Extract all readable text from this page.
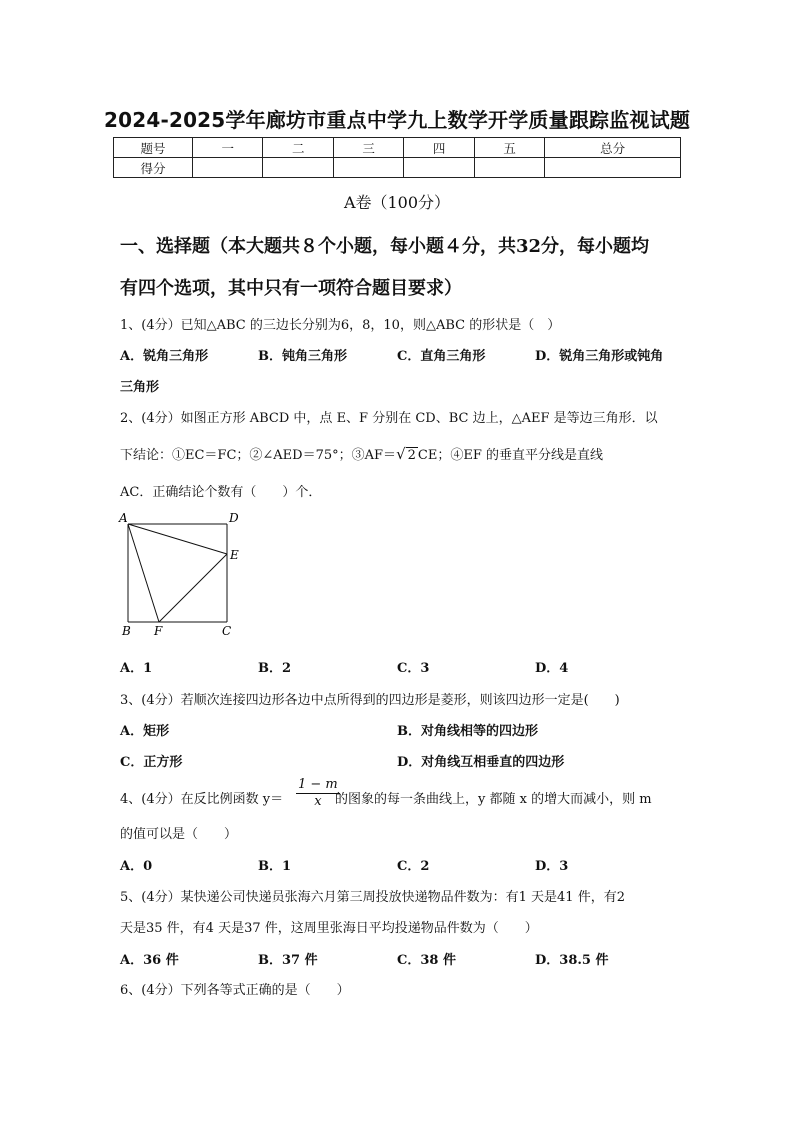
2024-2025学年廊坊市重点中学九上数学开学质量跟踪监视试题
题号	一	二	三	四	五	总分
得分						
A卷（100分）
一、选择题（本大题共８个小题，每小题４分，共32分，每小题均
有四个选项，其中只有一项符合题目要求）
1、(4分）已知△ABC 的三边长分别为6，8，10，则△ABC 的形状是（　）
A．锐角三角形	B．钝角三角形	C．直角三角形	D．锐角三角形或钝角
三角形
2、(4分）如图正方形 ABCD 中，点 E、F 分别在 CD、BC 边上，△AEF 是等边三角形．以
下结论：①EC＝FC；②∠AED＝75°；③AF＝√ 2 CE；④EF 的垂直平分线是直线
AC．正确结论个数有（　　）个．
A	D
E
B F	C
A．1	B．2	C．3	D．4
3、(4分）若顺次连接四边形各边中点所得到的四边形是菱形，则该四边形一定是(　　)
A．矩形	B．对角线相等的四边形
C．正方形	D．对角线互相垂直的四边形
4、(4分）在反比例函数 $y= \frac{1 - m}{x}$
的图象的每一条曲线上，y 都随 x 的增大而减小，则 m
的值可以是（　　）
A．0	B．1	C．2	D．3
5、(4分）某快递公司快递员张海六月第三周投放快递物品件数为：有1 天是41 件，有2
天是35 件，有4 天是37 件，这周里张海日平均投递物品件数为（　　）
A．36 件	B．37 件	C．38 件	D．38.5 件
6、(4分）下列各等式正确的是（　　）
